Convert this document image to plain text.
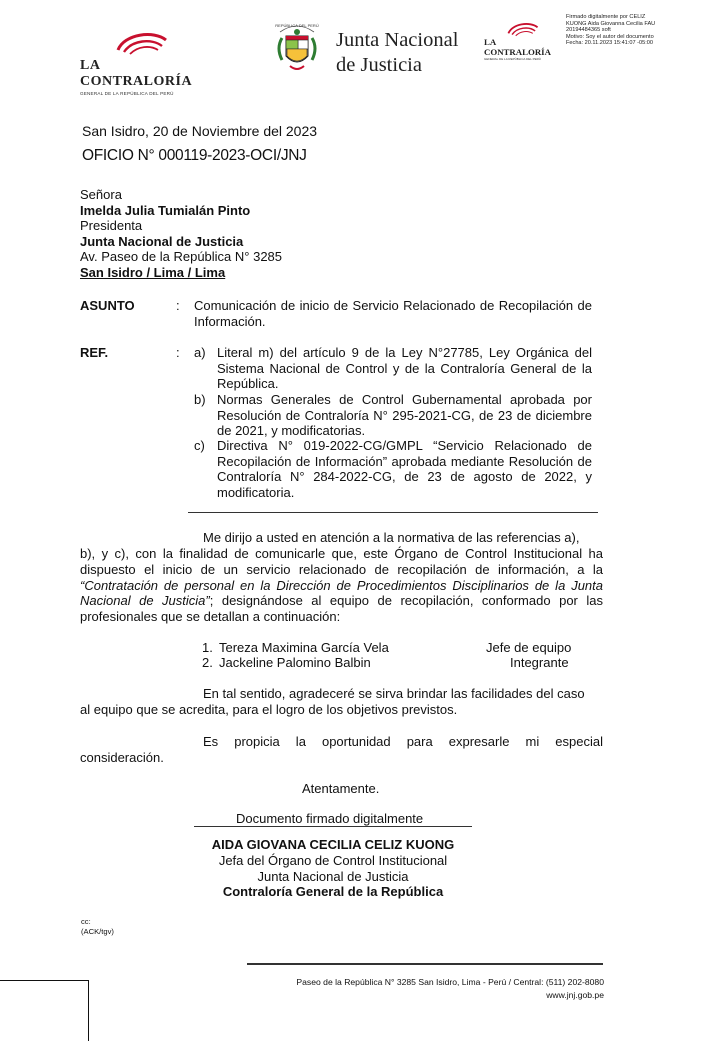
LA CONTRALORÍA
GENERAL DE LA REPÚBLICA DEL PERÚ
REPÚBLICA DEL PERÚ
Junta Nacional
de Justicia
LA CONTRALORÍA
GENERAL DE LA REPÚBLICA DEL PERÚ
Firmado digitalmente por CELIZ
KUONG Aida Giovanna Cecilia FAU
20194484365 soft
Motivo: Soy el autor del documento
Fecha: 20.11.2023 15:41:07 -05:00
San Isidro, 20 de Noviembre del 2023
OFICIO N° 000119-2023-OCI/JNJ
Señora
Imelda Julia Tumialán Pinto
Presidenta
Junta Nacional de Justicia
Av. Paseo de la República N° 3285
San Isidro / Lima / Lima
ASUNTO	: Comunicación de inicio de Servicio Relacionado de Recopilación de Información.
REF.	: a) Literal m) del artículo 9 de la Ley N°27785, Ley Orgánica del Sistema Nacional de Control y de la Contraloría General de la República.
b) Normas Generales de Control Gubernamental aprobada por Resolución de Contraloría N° 295-2021-CG, de 23 de diciembre de 2021, y modificatorias.
c) Directiva N° 019-2022-CG/GMPL “Servicio Relacionado de Recopilación de Información” aprobada mediante Resolución de Contraloría N° 284-2022-CG, de 23 de agosto de 2022, y modificatoria.
Me dirijo a usted en atención a la normativa de las referencias a),
b), y c), con la finalidad de comunicarle que, este Órgano de Control Institucional ha dispuesto el inicio de un servicio relacionado de recopilación de información, a la “Contratación de personal en la Dirección de Procedimientos Disciplinarios de la Junta Nacional de Justicia”; designándose al equipo de recopilación, conformado por las profesionales que se detallan a continuación:
1. Tereza Maximina García Vela	Jefe de equipo
2. Jackeline Palomino Balbin	Integrante
En tal sentido, agradeceré se sirva brindar las facilidades del caso
al equipo que se acredita, para el logro de los objetivos previstos.
Es propicia la oportunidad para expresarle mi especial
consideración.
Atentamente.
Documento firmado digitalmente
AIDA GIOVANA CECILIA CELIZ KUONG
Jefa del Órgano de Control Institucional
Junta Nacional de Justicia
Contraloría General de la República
cc:
(ACK/tgv)
Paseo de la República N° 3285 San Isidro, Lima - Perú / Central: (511) 202-8080
www.jnj.gob.pe
